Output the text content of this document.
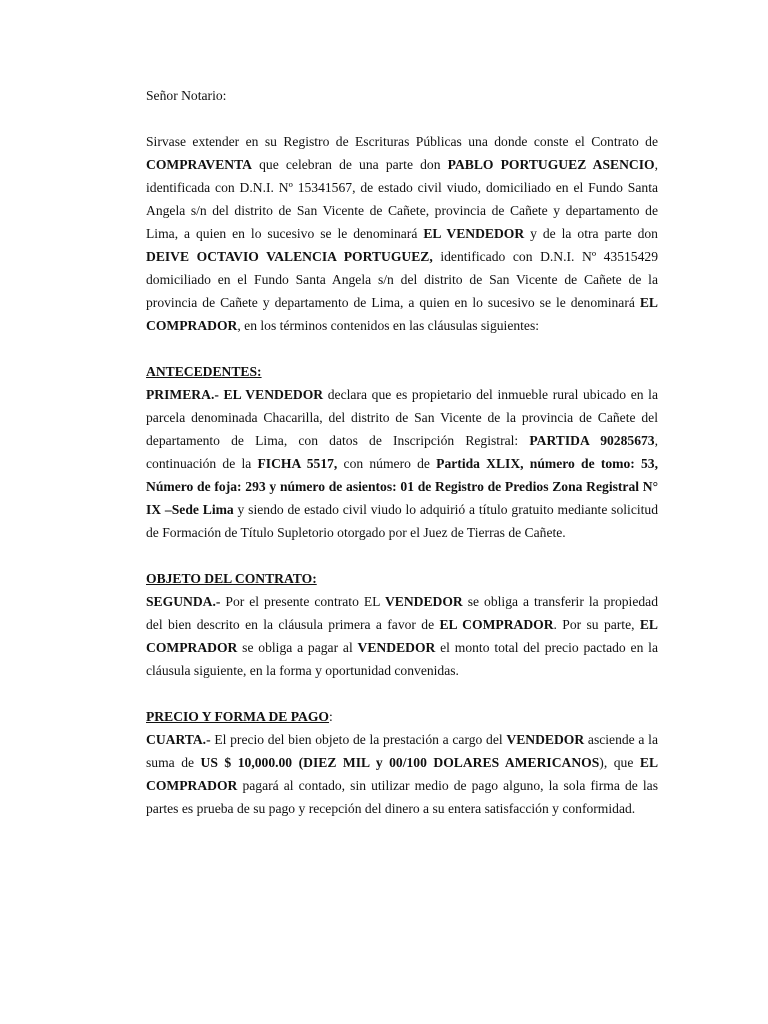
Señor Notario:

Sirvase extender en su Registro de Escrituras Públicas una donde conste el Contrato de COMPRAVENTA que celebran de una parte don PABLO PORTUGUEZ ASENCIO, identificada con D.N.I. Nº 15341567, de estado civil viudo, domiciliado en el Fundo Santa Angela s/n del distrito de San Vicente de Cañete, provincia de Cañete y departamento de Lima, a quien en lo sucesivo se le denominará EL VENDEDOR y de la otra parte don DEIVE OCTAVIO VALENCIA PORTUGUEZ, identificado con D.N.I. Nº 43515429 domiciliado en el Fundo Santa Angela s/n del distrito de San Vicente de Cañete de la provincia de Cañete y departamento de Lima, a quien en lo sucesivo se le denominará EL COMPRADOR, en los términos contenidos en las cláusulas siguientes:

ANTECEDENTES:

PRIMERA.- EL VENDEDOR declara que es propietario del inmueble rural ubicado en la parcela denominada Chacarilla, del distrito de San Vicente de la provincia de Cañete del departamento de Lima, con datos de Inscripción Registral: PARTIDA 90285673, continuación de la FICHA 5517, con número de Partida XLIX, número de tomo: 53, Número de foja: 293 y número de asientos: 01 de Registro de Predios Zona Registral N° IX –Sede Lima y siendo de estado civil viudo lo adquirió a título gratuito mediante solicitud de Formación de Título Supletorio otorgado por el Juez de Tierras de Cañete.

OBJETO DEL CONTRATO:

SEGUNDA.- Por el presente contrato EL VENDEDOR se obliga a transferir la propiedad del bien descrito en la cláusula primera a favor de EL COMPRADOR. Por su parte, EL COMPRADOR se obliga a pagar al VENDEDOR el monto total del precio pactado en la cláusula siguiente, en la forma y oportunidad convenidas.

PRECIO Y FORMA DE PAGO:

CUARTA.- El precio del bien objeto de la prestación a cargo del VENDEDOR asciende a la suma de US $ 10,000.00 (DIEZ MIL y 00/100 DOLARES AMERICANOS), que EL COMPRADOR pagará al contado, sin utilizar medio de pago alguno, la sola firma de las partes es prueba de su pago y recepción del dinero a su entera satisfacción y conformidad.
